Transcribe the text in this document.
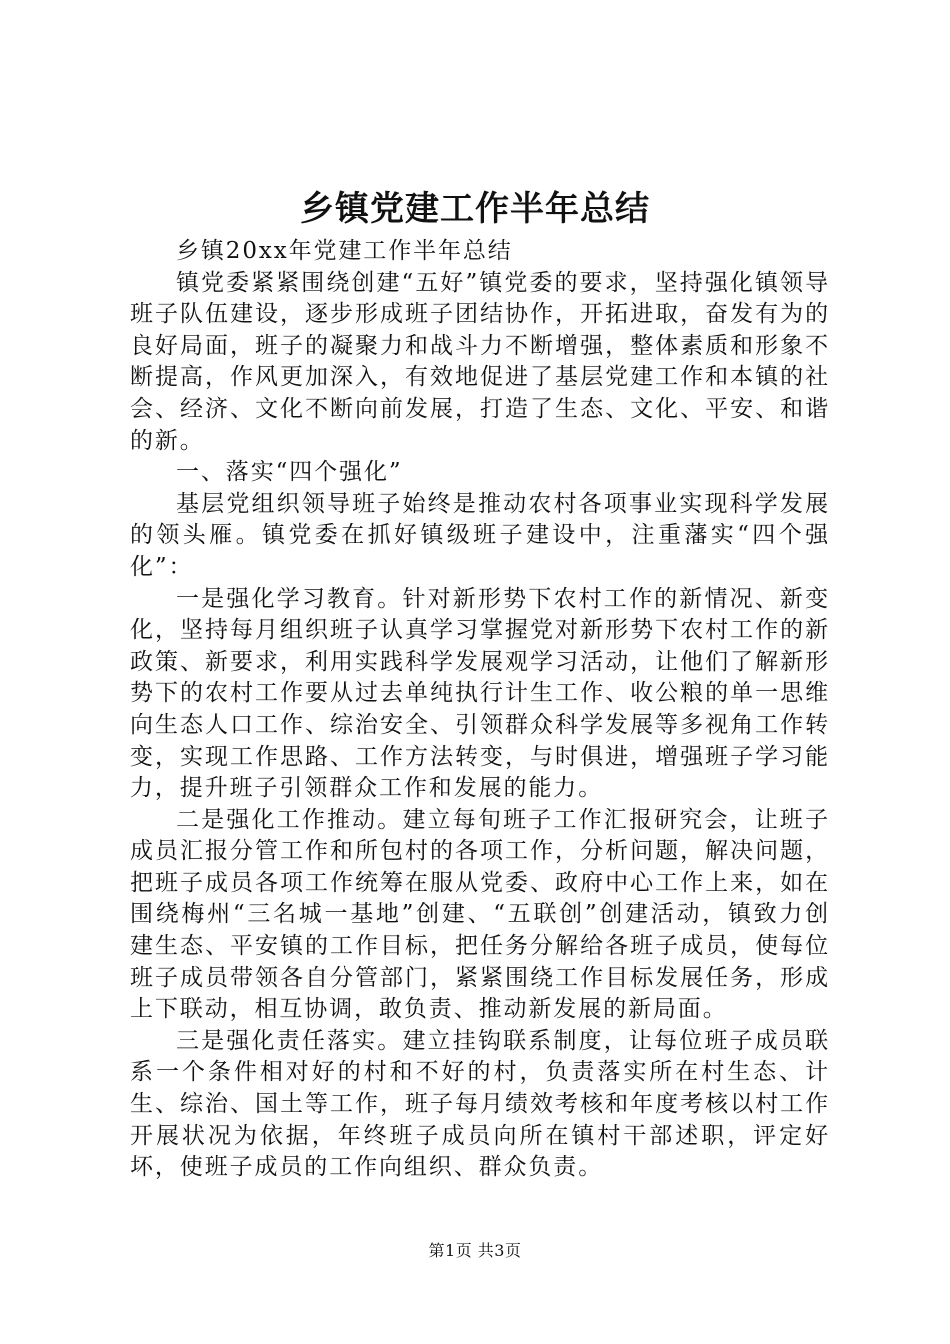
乡镇党建工作半年总结

乡镇20xx年党建工作半年总结

镇党委紧紧围绕创建“五好”镇党委的要求，坚持强化镇领导班子队伍建设，逐步形成班子团结协作，开拓进取，奋发有为的良好局面，班子的凝聚力和战斗力不断增强，整体素质和形象不断提高，作风更加深入，有效地促进了基层党建工作和本镇的社会、经济、文化不断向前发展，打造了生态、文化、平安、和谐的新。

一、落实“四个强化”

基层党组织领导班子始终是推动农村各项事业实现科学发展的领头雁。镇党委在抓好镇级班子建设中，注重藩实“四个强化”：

一是强化学习教育。针对新形势下农村工作的新情况、新变化，坚持每月组织班子认真学习掌握党对新形势下农村工作的新政策、新要求，利用实践科学发展观学习活动，让他们了解新形势下的农村工作要从过去单纯执行计生工作、收公粮的单一思维向生态人口工作、综治安全、引领群众科学发展等多视角工作转变，实现工作思路、工作方法转变，与时俱进，增强班子学习能力，提升班子引领群众工作和发展的能力。

二是强化工作推动。建立每旬班子工作汇报研究会，让班子成员汇报分管工作和所包村的各项工作，分析问题，解决问题，把班子成员各项工作统筹在服从党委、政府中心工作上来，如在围绕梅州“三名城一基地”创建、“五联创”创建活动，镇致力创建生态、平安镇的工作目标，把任务分解给各班子成员，使每位班子成员带领各自分管部门，紧紧围绕工作目标发展任务，形成上下联动，相互协调，敢负责、推动新发展的新局面。

三是强化责任落实。建立挂钩联系制度，让每位班子成员联系一个条件相对好的村和不好的村，负责落实所在村生态、计生、综治、国土等工作，班子每月绩效考核和年度考核以村工作开展状况为依据，年终班子成员向所在镇村干部述职，评定好坏，使班子成员的工作向组织、群众负责。

第1页 共3页
